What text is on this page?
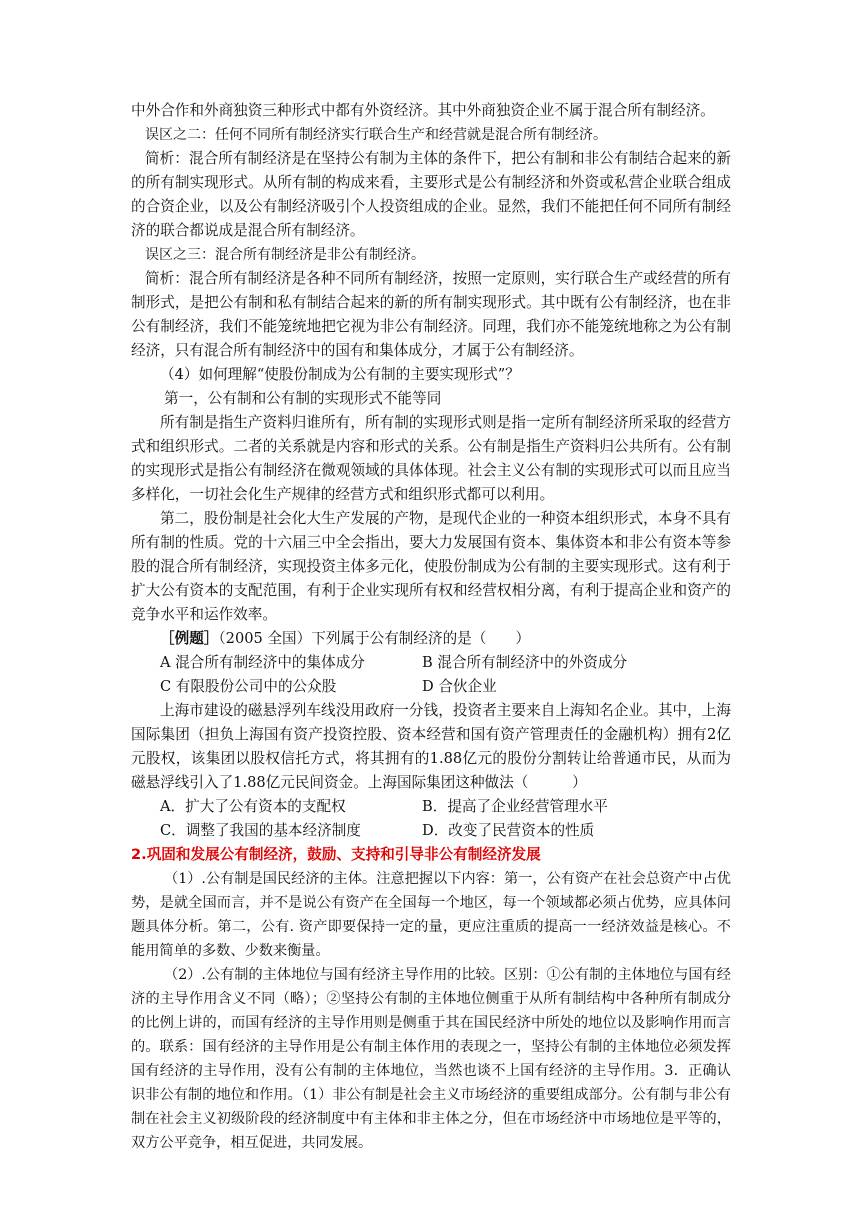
中外合作和外商独资三种形式中都有外资经济。其中外商独资企业不属于混合所有制经济。

误区之二：任何不同所有制经济实行联合生产和经营就是混合所有制经济。

简析：混合所有制经济是在坚持公有制为主体的条件下，把公有制和非公有制结合起来的新的所有制实现形式。从所有制的构成来看，主要形式是公有制经济和外资或私营企业联合组成的合资企业，以及公有制经济吸引个人投资组成的企业。显然，我们不能把任何不同所有制经济的联合都说成是混合所有制经济。

误区之三：混合所有制经济是非公有制经济。

简析：混合所有制经济是各种不同所有制经济，按照一定原则，实行联合生产或经营的所有制形式，是把公有制和私有制结合起来的新的所有制实现形式。其中既有公有制经济，也在非公有制经济，我们不能笼统地把它视为非公有制经济。同理，我们亦不能笼统地称之为公有制经济，只有混合所有制经济中的国有和集体成分，才属于公有制经济。

（4）如何理解“使股份制成为公有制的主要实现形式”？

第一，公有制和公有制的实现形式不能等同

所有制是指生产资料归谁所有，所有制的实现形式则是指一定所有制经济所采取的经营方式和组织形式。二者的关系就是内容和形式的关系。公有制是指生产资料归公共所有。公有制的实现形式是指公有制经济在微观领域的具体体现。社会主义公有制的实现形式可以而且应当多样化，一切社会化生产规律的经营方式和组织形式都可以利用。

第二，股份制是社会化大生产发展的产物，是现代企业的一种资本组织形式，本身不具有所有制的性质。党的十六届三中全会指出，要大力发展国有资本、集体资本和非公有资本等参股的混合所有制经济，实现投资主体多元化，使股份制成为公有制的主要实现形式。这有利于扩大公有资本的支配范围，有利于企业实现所有权和经营权相分离，有利于提高企业和资产的竞争水平和运作效率。

［例题］（2005 全国）下列属于公有制经济的是（　　）

A 混合所有制经济中的集体成分	B 混合所有制经济中的外资成分
C 有限股份公司中的公众股	D 合伙企业

上海市建设的磁悬浮列车线没用政府一分钱，投资者主要来自上海知名企业。其中，上海国际集团（担负上海国有资产投资控股、资本经营和国有资产管理责任的金融机构）拥有2亿元股权，该集团以股权信托方式，将其拥有的1.88亿元的股份分割转让给普通市民，从而为磁悬浮线引入了1.88亿元民间资金。上海国际集团这种做法（　　　）

A．扩大了公有资本的支配权	B．提高了企业经营管理水平
C．调整了我国的基本经济制度	D．改变了民营资本的性质

2.巩固和发展公有制经济，鼓励、支持和引导非公有制经济发展

（1）.公有制是国民经济的主体。注意把握以下内容：第一，公有资产在社会总资产中占优势，是就全国而言，并不是说公有资产在全国每一个地区，每一个领域都必须占优势，应具体问题具体分析。第二，公有. 资产即要保持一定的量，更应注重质的提高一一经济效益是核心。不能用简单的多数、少数来衡量。

（2）.公有制的主体地位与国有经济主导作用的比较。区别：①公有制的主体地位与国有经济的主导作用含义不同（略）；②坚持公有制的主体地位侧重于从所有制结构中各种所有制成分的比例上讲的，而国有经济的主导作用则是侧重于其在国民经济中所处的地位以及影响作用而言的。联系：国有经济的主导作用是公有制主体作用的表现之一，坚持公有制的主体地位必须发挥国有经济的主导作用，没有公有制的主体地位，当然也谈不上国有经济的主导作用。3．正确认识非公有制的地位和作用。（1）非公有制是社会主义市场经济的重要组成部分。公有制与非公有制在社会主义初级阶段的经济制度中有主体和非主体之分，但在市场经济中市场地位是平等的，双方公平竞争，相互促进，共同发展。
